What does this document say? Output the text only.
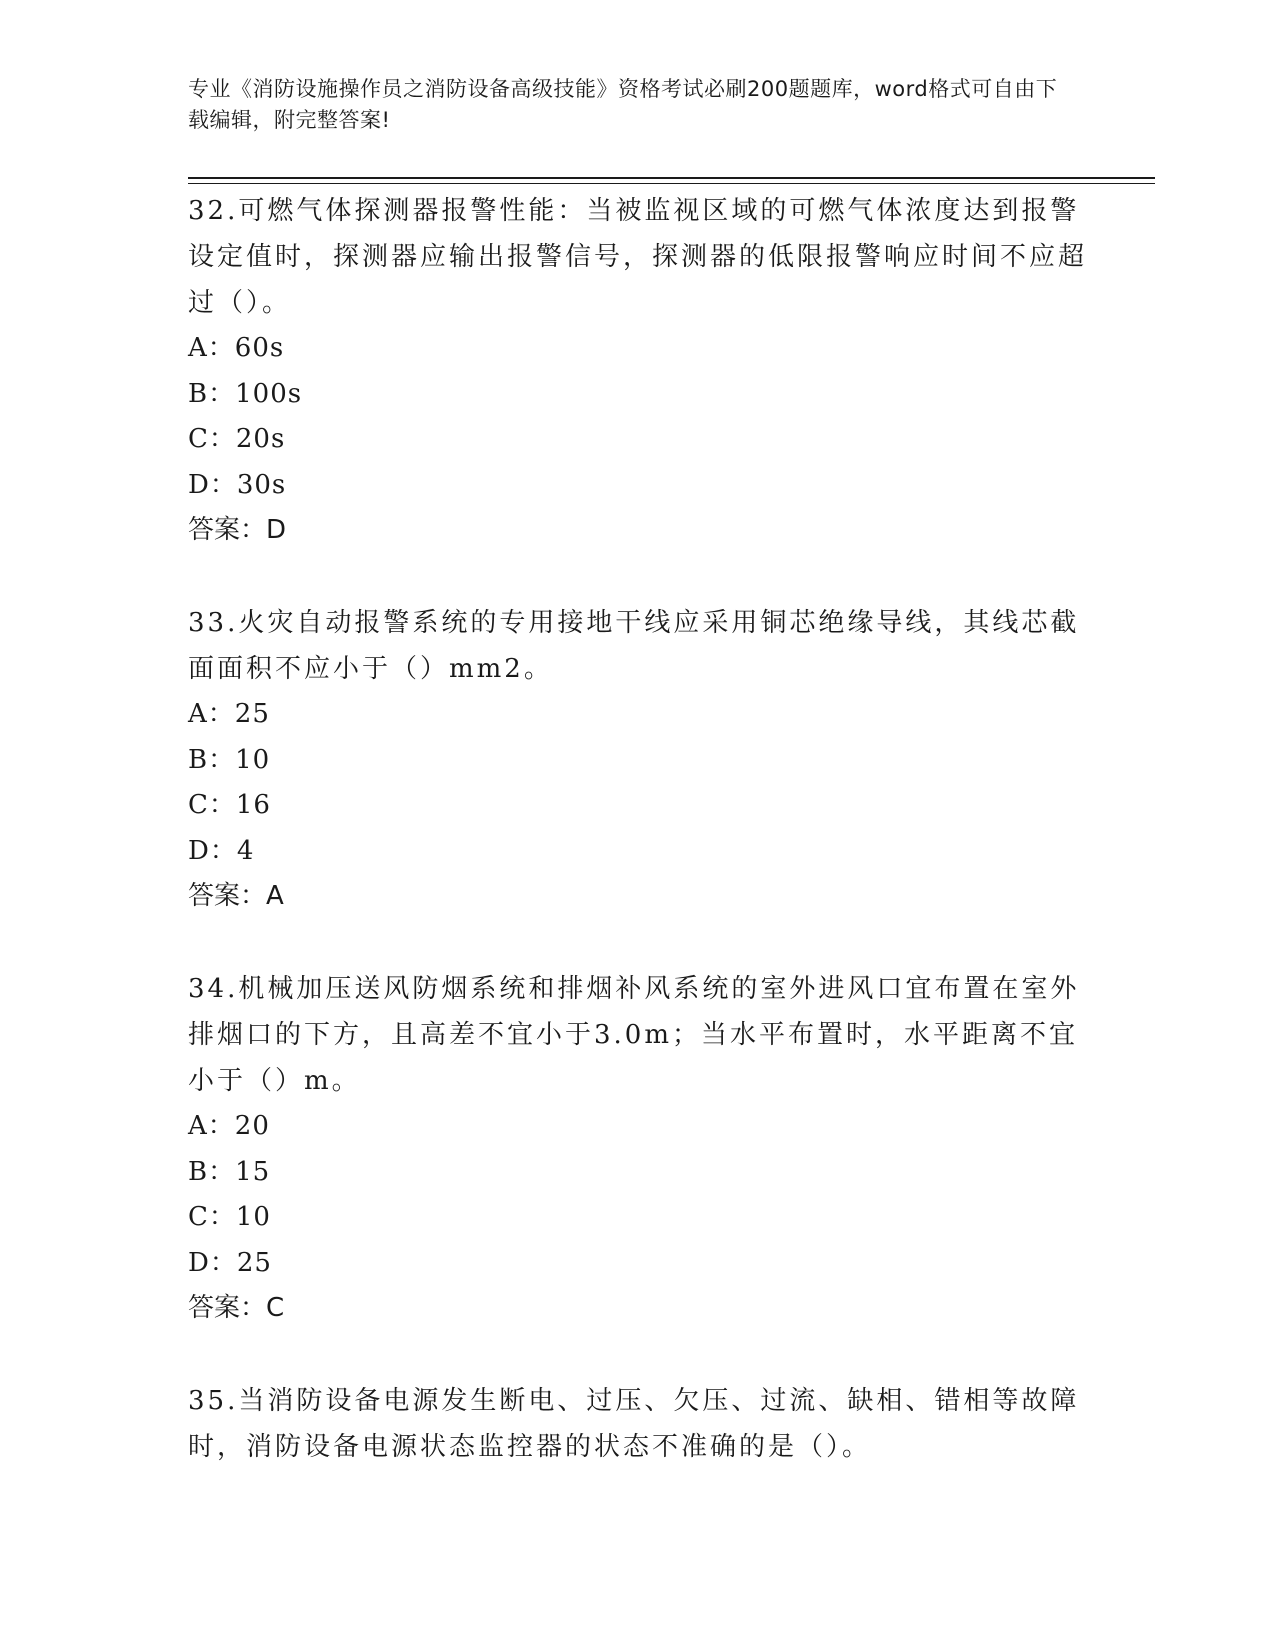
专业《消防设施操作员之消防设备高级技能》资格考试必刷200题题库，word格式可自由下载编辑，附完整答案!

32.可燃气体探测器报警性能：当被监视区域的可燃气体浓度达到报警设定值时，探测器应输出报警信号，探测器的低限报警响应时间不应超过（）。

A：60s

B：100s

C：20s

D：30s

答案：D

33.火灾自动报警系统的专用接地干线应采用铜芯绝缘导线，其线芯截面面积不应小于（）mm2。

A：25

B：10

C：16

D：4

答案：A

34.机械加压送风防烟系统和排烟补风系统的室外进风口宜布置在室外排烟口的下方，且高差不宜小于3.0m；当水平布置时，水平距离不宜小于（）m。

A：20

B：15

C：10

D：25

答案：C

35.当消防设备电源发生断电、过压、欠压、过流、缺相、错相等故障时，消防设备电源状态监控器的状态不准确的是（）。
